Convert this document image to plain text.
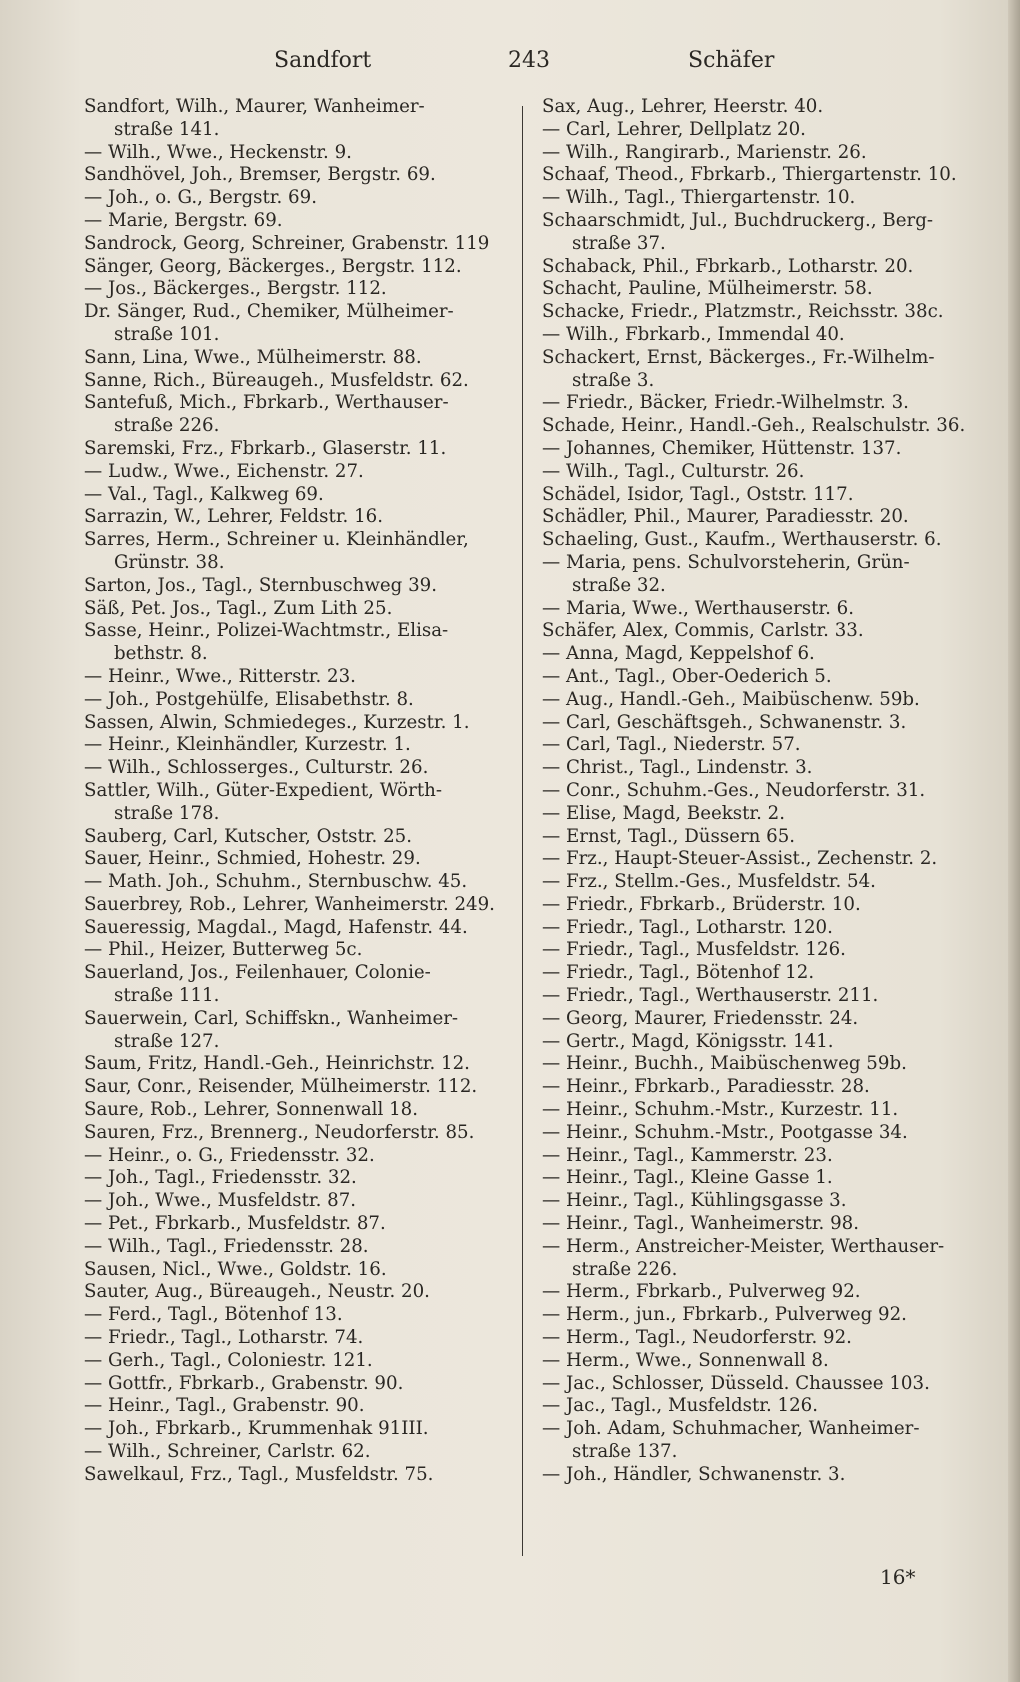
Sandfort	243	Schäfer
Sandfort, Wilh., Maurer, Wanheimer-
straße 141.
— Wilh., Wwe., Heckenstr. 9.
Sandhövel, Joh., Bremser, Bergstr. 69.
— Joh., o. G., Bergstr. 69.
— Marie, Bergstr. 69.
Sandrock, Georg, Schreiner, Grabenstr. 119
Sänger, Georg, Bäckerges., Bergstr. 112.
— Jos., Bäckerges., Bergstr. 112.
Dr. Sänger, Rud., Chemiker, Mülheimer-
straße 101.
Sann, Lina, Wwe., Mülheimerstr. 88.
Sanne, Rich., Büreaugeh., Musfeldstr. 62.
Santefuß, Mich., Fbrkarb., Werthauser-
straße 226.
Saremski, Frz., Fbrkarb., Glaserstr. 11.
— Ludw., Wwe., Eichenstr. 27.
— Val., Tagl., Kalkweg 69.
Sarrazin, W., Lehrer, Feldstr. 16.
Sarres, Herm., Schreiner u. Kleinhändler,
Grünstr. 38.
Sarton, Jos., Tagl., Sternbuschweg 39.
Säß, Pet. Jos., Tagl., Zum Lith 25.
Sasse, Heinr., Polizei-Wachtmstr., Elisa-
bethstr. 8.
— Heinr., Wwe., Ritterstr. 23.
— Joh., Postgehülfe, Elisabethstr. 8.
Sassen, Alwin, Schmiedeges., Kurzestr. 1.
— Heinr., Kleinhändler, Kurzestr. 1.
— Wilh., Schlosserges., Culturstr. 26.
Sattler, Wilh., Güter-Expedient, Wörth-
straße 178.
Sauberg, Carl, Kutscher, Oststr. 25.
Sauer, Heinr., Schmied, Hohestr. 29.
— Math. Joh., Schuhm., Sternbuschw. 45.
Sauerbrey, Rob., Lehrer, Wanheimerstr. 249.
Saueressig, Magdal., Magd, Hafenstr. 44.
— Phil., Heizer, Butterweg 5c.
Sauerland, Jos., Feilenhauer, Colonie-
straße 111.
Sauerwein, Carl, Schiffskn., Wanheimer-
straße 127.
Saum, Fritz, Handl.-Geh., Heinrichstr. 12.
Saur, Conr., Reisender, Mülheimerstr. 112.
Saure, Rob., Lehrer, Sonnenwall 18.
Sauren, Frz., Brennerg., Neudorferstr. 85.
— Heinr., o. G., Friedensstr. 32.
— Joh., Tagl., Friedensstr. 32.
— Joh., Wwe., Musfeldstr. 87.
— Pet., Fbrkarb., Musfeldstr. 87.
— Wilh., Tagl., Friedensstr. 28.
Sausen, Nicl., Wwe., Goldstr. 16.
Sauter, Aug., Büreaugeh., Neustr. 20.
— Ferd., Tagl., Bötenhof 13.
— Friedr., Tagl., Lotharstr. 74.
— Gerh., Tagl., Coloniestr. 121.
— Gottfr., Fbrkarb., Grabenstr. 90.
— Heinr., Tagl., Grabenstr. 90.
— Joh., Fbrkarb., Krummenhak 91III.
— Wilh., Schreiner, Carlstr. 62.
Sawelkaul, Frz., Tagl., Musfeldstr. 75.
Sax, Aug., Lehrer, Heerstr. 40.
— Carl, Lehrer, Dellplatz 20.
— Wilh., Rangirarb., Marienstr. 26.
Schaaf, Theod., Fbrkarb., Thiergartenstr. 10.
— Wilh., Tagl., Thiergartenstr. 10.
Schaarschmidt, Jul., Buchdruckerg., Berg-
straße 37.
Schaback, Phil., Fbrkarb., Lotharstr. 20.
Schacht, Pauline, Mülheimerstr. 58.
Schacke, Friedr., Platzmstr., Reichsstr. 38c.
— Wilh., Fbrkarb., Immendal 40.
Schackert, Ernst, Bäckerges., Fr.-Wilhelm-
straße 3.
— Friedr., Bäcker, Friedr.-Wilhelmstr. 3.
Schade, Heinr., Handl.-Geh., Realschulstr. 36.
— Johannes, Chemiker, Hüttenstr. 137.
— Wilh., Tagl., Culturstr. 26.
Schädel, Isidor, Tagl., Oststr. 117.
Schädler, Phil., Maurer, Paradiesstr. 20.
Schaeling, Gust., Kaufm., Werthauserstr. 6.
— Maria, pens. Schulvorsteherin, Grün-
straße 32.
— Maria, Wwe., Werthauserstr. 6.
Schäfer, Alex, Commis, Carlstr. 33.
— Anna, Magd, Keppelshof 6.
— Ant., Tagl., Ober-Oederich 5.
— Aug., Handl.-Geh., Maibüschenw. 59b.
— Carl, Geschäftsgeh., Schwanenstr. 3.
— Carl, Tagl., Niederstr. 57.
— Christ., Tagl., Lindenstr. 3.
— Conr., Schuhm.-Ges., Neudorferstr. 31.
— Elise, Magd, Beekstr. 2.
— Ernst, Tagl., Düssern 65.
— Frz., Haupt-Steuer-Assist., Zechenstr. 2.
— Frz., Stellm.-Ges., Musfeldstr. 54.
— Friedr., Fbrkarb., Brüderstr. 10.
— Friedr., Tagl., Lotharstr. 120.
— Friedr., Tagl., Musfeldstr. 126.
— Friedr., Tagl., Bötenhof 12.
— Friedr., Tagl., Werthauserstr. 211.
— Georg, Maurer, Friedensstr. 24.
— Gertr., Magd, Königsstr. 141.
— Heinr., Buchh., Maibüschenweg 59b.
— Heinr., Fbrkarb., Paradiesstr. 28.
— Heinr., Schuhm.-Mstr., Kurzestr. 11.
— Heinr., Schuhm.-Mstr., Pootgasse 34.
— Heinr., Tagl., Kammerstr. 23.
— Heinr., Tagl., Kleine Gasse 1.
— Heinr., Tagl., Kühlingsgasse 3.
— Heinr., Tagl., Wanheimerstr. 98.
— Herm., Anstreicher-Meister, Werthauser-
straße 226.
— Herm., Fbrkarb., Pulverweg 92.
— Herm., jun., Fbrkarb., Pulverweg 92.
— Herm., Tagl., Neudorferstr. 92.
— Herm., Wwe., Sonnenwall 8.
— Jac., Schlosser, Düsseld. Chaussee 103.
— Jac., Tagl., Musfeldstr. 126.
— Joh. Adam, Schuhmacher, Wanheimer-
straße 137.
— Joh., Händler, Schwanenstr. 3.
16*
